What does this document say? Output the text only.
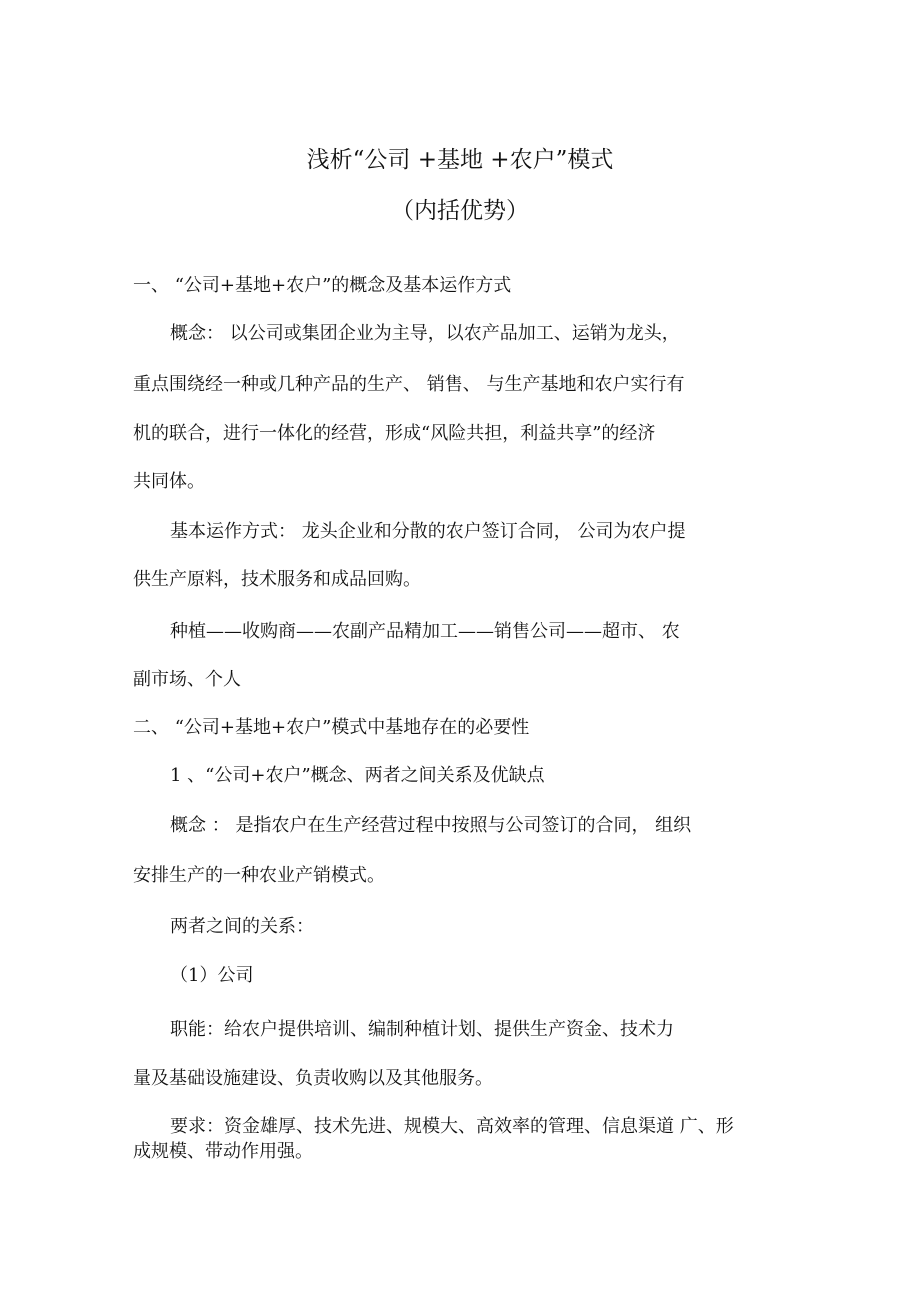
浅析“公司 +基地 +农户”模式
（内括优势）
一、 “公司+基地+农户”的概念及基本运作方式
概念： 以公司或集团企业为主导，以农产品加工、运销为龙头，
重点围绕经一种或几种产品的生产、 销售、 与生产基地和农户实行有
机的联合，进行一体化的经营，形成“风险共担，利益共享”的经济
共同体。
基本运作方式： 龙头企业和分散的农户签订合同， 公司为农户提
供生产原料，技术服务和成品回购。
种植——收购商——农副产品精加工——销售公司——超市、 农
副市场、个人
二、 “公司+基地+农户”模式中基地存在的必要性
1 、“公司+农户”概念、两者之间关系及优缺点
概念 ： 是指农户在生产经营过程中按照与公司签订的合同， 组织
安排生产的一种农业产销模式。
两者之间的关系：
（1）公司
职能：给农户提供培训、编制种植计划、提供生产资金、技术力
量及基础设施建设、负责收购以及其他服务。
要求：资金雄厚、技术先进、规模大、高效率的管理、信息渠道 广、形
成规模、带动作用强。
